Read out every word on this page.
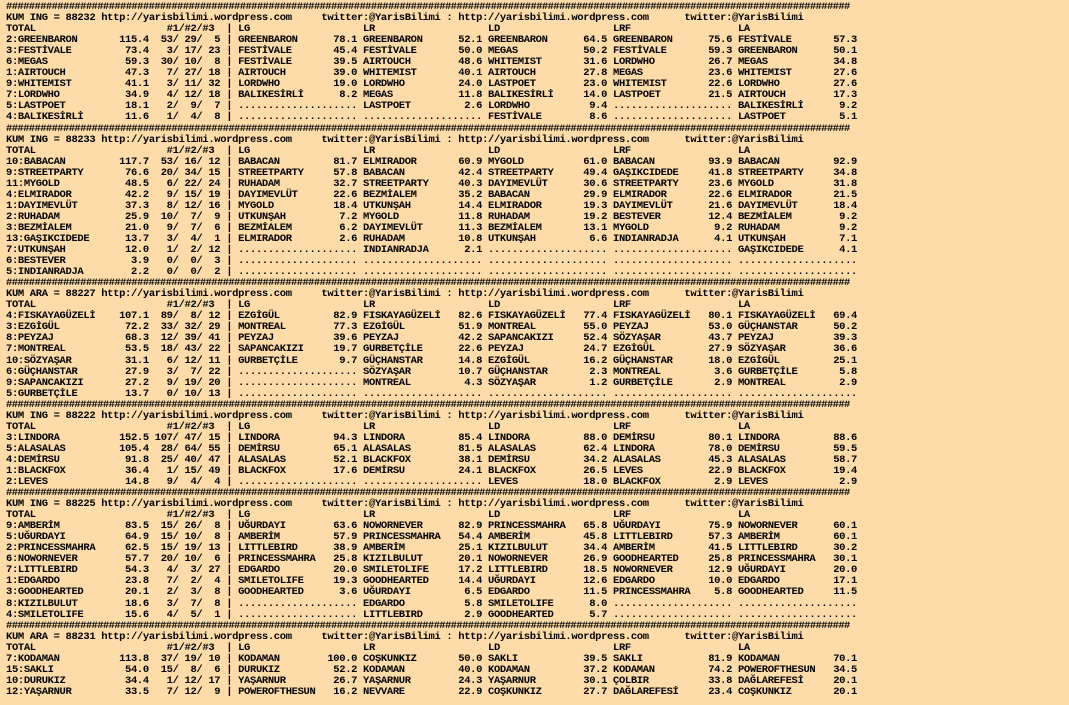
####################################################################################################################################################
KUM ING = 88232 http://yarisbilimi.wordpress.com     twitter:@YarisBilimi : http://yarisbilimi.wordpress.com      twitter:@YarisBilimi
TOTAL                      #1/#2/#3  | LG                   LR                   LD                   LRF                  LA
2:GREENBARON       115.4  53/ 29/  5 | GREENBARON      78.1 GREENBARON      52.1 GREENBARON      64.5 GREENBARON      75.6 FESTİVALE       57.3
3:FESTİVALE         73.4   3/ 17/ 23 | FESTİVALE       45.4 FESTİVALE       50.0 MEGAS           50.2 FESTİVALE       59.3 GREENBARON      50.1
6:MEGAS             59.3  30/ 10/  8 | FESTİVALE       39.5 AIRTOUCH        48.6 WHITEMIST       31.6 LORDWHO         26.7 MEGAS           34.8
1:AIRTOUCH          47.3   7/ 27/ 18 | AIRTOUCH        39.0 WHITEMIST       40.1 AIRTOUCH        27.8 MEGAS           23.6 WHITEMIST       27.6
9:WHITEMIST         41.1   3/ 11/ 32 | LORDWHO         19.0 LORDWHO         24.0 LASTPOET        23.0 WHITEMIST       22.6 LORDWHO         27.6
7:LORDWHO           34.9   4/ 12/ 18 | BALIKESİRLİ      8.2 MEGAS           11.8 BALIKESİRLİ     14.0 LASTPOET        21.5 AIRTOUCH        17.3
5:LASTPOET          18.1   2/  9/  7 | .................... LASTPOET         2.6 LORDWHO          9.4 .................... BALIKESİRLİ      9.2
4:BALIKESİRLİ       11.6   1/  4/  8 | .................... .................... FESTİVALE        8.6 .................... LASTPOET         5.1
####################################################################################################################################################
KUM ING = 88233 http://yarisbilimi.wordpress.com     twitter:@YarisBilimi : http://yarisbilimi.wordpress.com      twitter:@YarisBilimi
TOTAL                      #1/#2/#3  | LG                   LR                   LD                   LRF                  LA
10:BABACAN         117.7  53/ 16/ 12 | BABACAN         81.7 ELMIRADOR       60.9 MYGOLD          61.0 BABACAN         93.9 BABACAN         92.9
9:STREETPARTY       76.6  20/ 34/ 15 | STREETPARTY     57.8 BABACAN         42.4 STREETPARTY     49.4 GAŞIKCIDEDE     41.8 STREETPARTY     34.8
11:MYGOLD           48.5   6/ 22/ 24 | RUHADAM         32.7 STREETPARTY     40.3 DAYIMEVLÜT      30.6 STREETPARTY     23.6 MYGOLD          31.8
4:ELMIRADOR         42.2   9/ 15/ 19 | DAYIMEVLÜT      22.6 BEZMİALEM       35.2 BABACAN         29.9 ELMIRADOR       22.6 ELMIRADOR       21.5
1:DAYIMEVLÜT        37.3   8/ 12/ 16 | MYGOLD          18.4 UTKUNŞAH        14.4 ELMIRADOR       19.3 DAYIMEVLÜT      21.6 DAYIMEVLÜT      18.4
2:RUHADAM           25.9  10/  7/  9 | UTKUNŞAH         7.2 MYGOLD          11.8 RUHADAM         19.2 BESTEVER        12.4 BEZMİALEM        9.2
3:BEZMİALEM         21.0   9/  7/  6 | BEZMİALEM        6.2 DAYIMEVLÜT      11.3 BEZMİALEM       13.1 MYGOLD           9.2 RUHADAM          9.2
13:GAŞIKCIDEDE      13.7   3/  4/  1 | ELMIRADOR        2.6 RUHADAM         10.8 UTKUNŞAH         6.6 INDIANRADJA      4.1 UTKUNŞAH         7.1
7:UTKUNŞAH          12.0   1/  2/ 12 | .................... INDIANRADJA      2.1 .................... .................... GAŞIKCIDEDE      4.1
6:BESTEVER           3.9   0/  0/  3 | .................... .................... .................... .................... ....................
5:INDIANRADJA        2.2   0/  0/  2 | .................... .................... .................... .................... ....................
####################################################################################################################################################
KUM ARA = 88227 http://yarisbilimi.wordpress.com     twitter:@YarisBilimi : http://yarisbilimi.wordpress.com      twitter:@YarisBilimi
TOTAL                      #1/#2/#3  | LG                   LR                   LD                   LRF                  LA
4:FISKAYAGÜZELİ    107.1  89/  8/ 12 | EZGİGÜL         82.9 FISKAYAGÜZELİ   82.6 FISKAYAGÜZELİ   77.4 FISKAYAGÜZELİ   80.1 FISKAYAGÜZELİ   69.4
3:EZGİGÜL           72.2  33/ 32/ 29 | MONTREAL        77.3 EZGİGÜL         51.9 MONTREAL        55.0 PEYZAJ          53.0 GÜÇHANSTAR      50.2
8:PEYZAJ            68.3  12/ 39/ 41 | PEYZAJ          39.6 PEYZAJ          42.2 SAPANCAKIZI     52.4 SÖZYAŞAR        43.7 PEYZAJ          39.3
7:MONTREAL          53.5  18/ 43/ 22 | SAPANCAKIZI     19.7 GURBETÇİLE      22.6 PEYZAJ          24.7 EZGİGÜL         27.9 SÖZYAŞAR        36.6
10:SÖZYAŞAR         31.1   6/ 12/ 11 | GURBETÇİLE       9.7 GÜÇHANSTAR      14.8 EZGİGÜL         16.2 GÜÇHANSTAR      18.0 EZGİGÜL         25.1
6:GÜÇHANSTAR        27.9   3/  7/ 22 | .................... SÖZYAŞAR        10.7 GÜÇHANSTAR       2.3 MONTREAL         3.6 GURBETÇİLE       5.8
9:SAPANCAKIZI       27.2   9/ 19/ 20 | .................... MONTREAL         4.3 SÖZYAŞAR         1.2 GURBETÇİLE       2.9 MONTREAL         2.9
5:GURBETÇİLE        13.7   0/ 10/ 13 | .................... .................... .................... .................... ....................
####################################################################################################################################################
KUM ING = 88222 http://yarisbilimi.wordpress.com     twitter:@YarisBilimi : http://yarisbilimi.wordpress.com      twitter:@YarisBilimi
TOTAL                      #1/#2/#3  | LG                   LR                   LD                   LRF                  LA
3:LINDORA          152.5 107/ 47/ 15 | LINDORA         94.3 LINDORA         85.4 LINDORA         88.0 DEMİRSU         80.1 LINDORA         88.6
5:ALASALAS         105.4  28/ 64/ 55 | DEMİRSU         65.1 ALASALAS        81.5 ALASALAS        62.4 LINDORA         78.0 DEMİRSU         59.5
4:DEMİRSU           91.8  25/ 40/ 47 | ALASALAS        52.1 BLACKFOX        38.1 DEMİRSU         34.2 ALASALAS        45.3 ALASALAS        58.7
1:BLACKFOX          36.4   1/ 15/ 49 | BLACKFOX        17.6 DEMİRSU         24.1 BLACKFOX        26.5 LEVES           22.9 BLACKFOX        19.4
2:LEVES             14.8   9/  4/  4 | .................... .................... LEVES           18.0 BLACKFOX         2.9 LEVES            2.9
####################################################################################################################################################
KUM ING = 88225 http://yarisbilimi.wordpress.com     twitter:@YarisBilimi : http://yarisbilimi.wordpress.com      twitter:@YarisBilimi
TOTAL                      #1/#2/#3  | LG                   LR                   LD                   LRF                  LA
9:AMBERİM           83.5  15/ 26/  8 | UĞURDAYI        63.6 NOWORNEVER      82.9 PRINCESSMAHRA   65.8 UĞURDAYI        75.9 NOWORNEVER      60.1
5:UĞURDAYI          64.9  15/ 10/  8 | AMBERİM         57.9 PRINCESSMAHRA   54.4 AMBERİM         45.8 LITTLEBIRD      57.3 AMBERİM         60.1
2:PRINCESSMAHRA     62.5  15/ 19/ 13 | LITTLEBIRD      38.9 AMBERİM         25.1 KIZILBULUT      34.4 AMBERİM         41.5 LITTLEBIRD      30.2
6:NOWORNEVER        57.7  20/ 10/  6 | PRINCESSMAHRA   25.8 KIZILBULUT      20.1 NOWORNEVER      26.9 GOODHEARTED     25.8 PRINCESSMAHRA   30.1
7:LITTLEBIRD        54.3   4/  3/ 27 | EDGARDO         20.0 SMILETOLIFE     17.2 LITTLEBIRD      18.5 NOWORNEVER      12.9 UĞURDAYI        20.0
1:EDGARDO           23.8   7/  2/  4 | SMILETOLIFE     19.3 GOODHEARTED     14.4 UĞURDAYI        12.6 EDGARDO         10.0 EDGARDO         17.1
3:GOODHEARTED       20.1   2/  3/  8 | GOODHEARTED      3.6 UĞURDAYI         6.5 EDGARDO         11.5 PRINCESSMAHRA    5.8 GOODHEARTED     11.5
8:KIZILBULUT        18.6   3/  7/  8 | .................... EDGARDO          5.8 SMILETOLIFE      8.0 .................... ....................
4:SMILETOLIFE       15.6   4/  5/  1 | .................... LITTLEBIRD       2.9 GOODHEARTED      5.7 .................... ....................
####################################################################################################################################################
KUM ARA = 88231 http://yarisbilimi.wordpress.com     twitter:@YarisBilimi : http://yarisbilimi.wordpress.com      twitter:@YarisBilimi
TOTAL                      #1/#2/#3  | LG                   LR                   LD                   LRF                  LA
7:KODAMAN          113.8  37/ 19/ 10 | KODAMAN        100.0 COŞKUNKIZ       50.0 SAKLI           39.5 SAKLI           81.9 KODAMAN         70.1
15:SAKLI            54.0  15/  8/  6 | DURUKIZ         52.2 KODAMAN         40.0 KODAMAN         37.2 KODAMAN         74.2 POWEROFTHESUN   34.5
10:DURUKIZ          34.4   1/ 12/ 17 | YAŞARNUR        26.7 YAŞARNUR        24.3 YAŞARNUR        30.1 ÇOLBIR          33.8 DAĞLAREFESİ     20.1
12:YAŞARNUR         33.5   7/ 12/  9 | POWEROFTHESUN   16.2 NEVVARE         22.9 COŞKUNKIZ       27.7 DAĞLAREFESİ     23.4 COŞKUNKIZ       20.1
